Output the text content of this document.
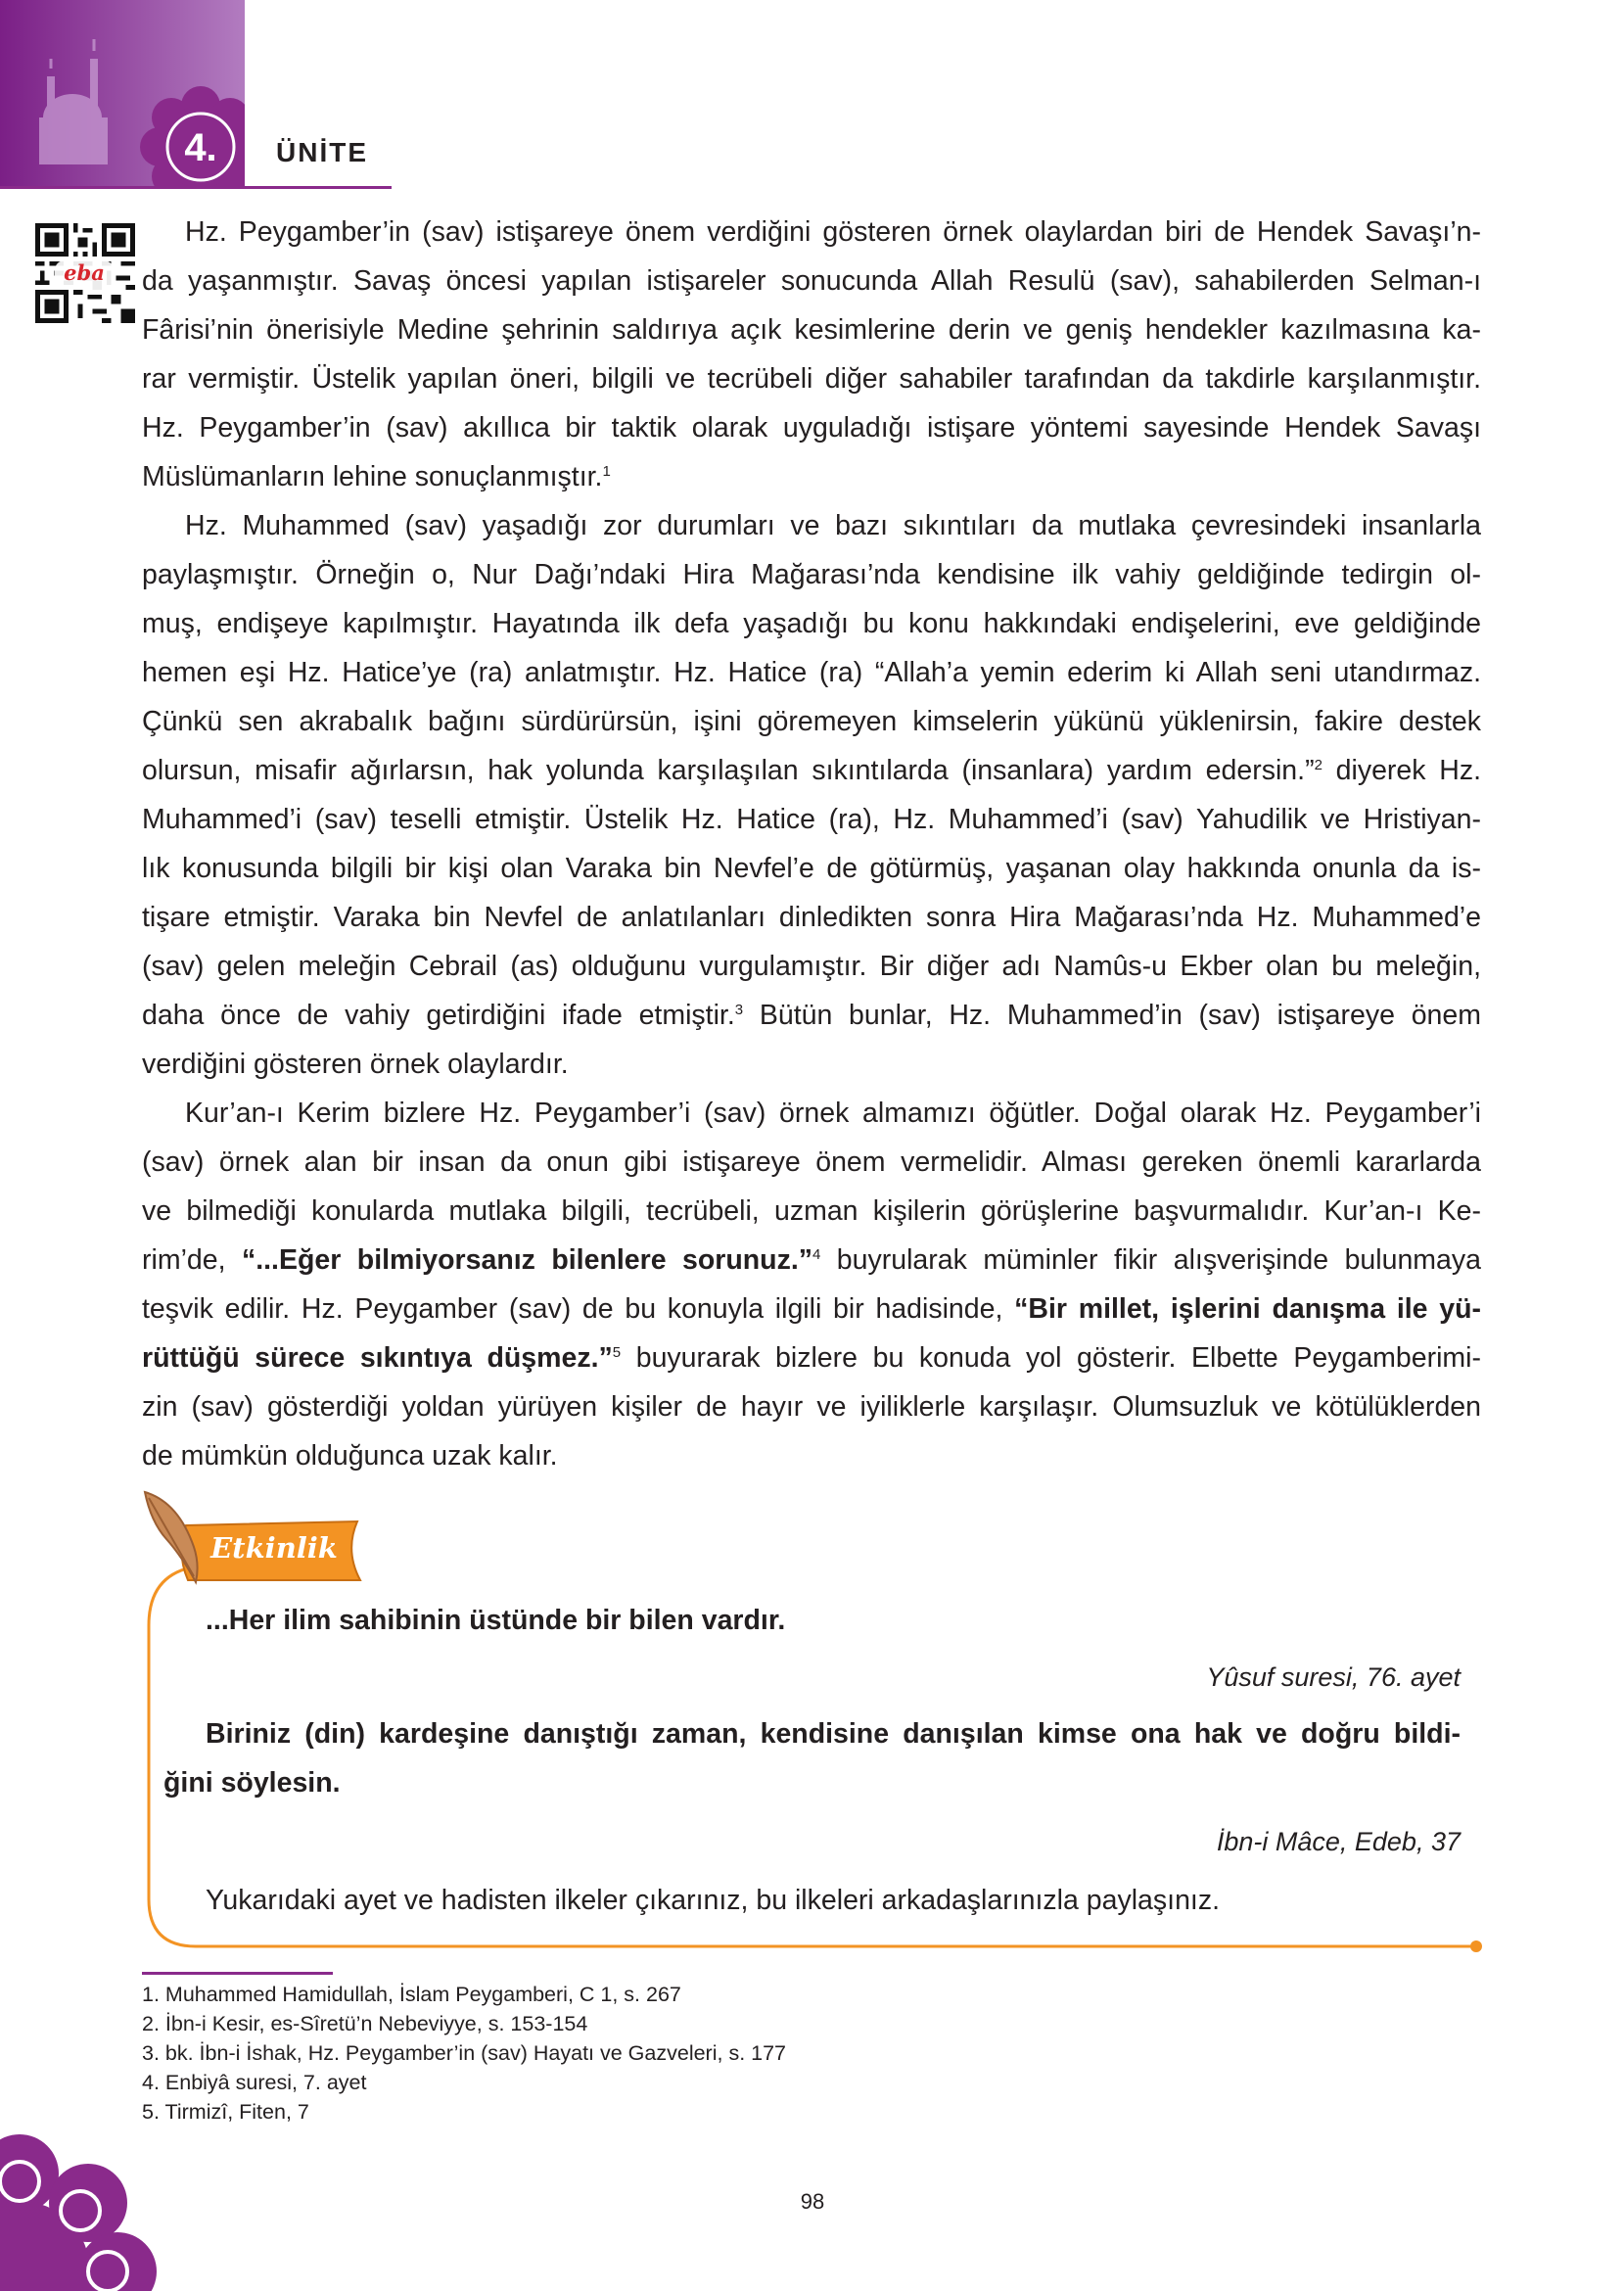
4.	ÜNİTE
eba
Hz. Peygamber’in (sav) istişareye önem verdiğini gösteren örnek olaylardan biri de Hendek Savaşı’n-
da yaşanmıştır. Savaş öncesi yapılan istişareler sonucunda Allah Resulü (sav), sahabilerden Selman-ı
Fârisi’nin önerisiyle Medine şehrinin saldırıya açık kesimlerine derin ve geniş hendekler kazılmasına ka-
rar vermiştir. Üstelik yapılan öneri, bilgili ve tecrübeli diğer sahabiler tarafından da takdirle karşılanmıştır.
Hz. Peygamber’in (sav) akıllıca bir taktik olarak uyguladığı istişare yöntemi sayesinde Hendek Savaşı
Müslümanların lehine sonuçlanmıştır.$^1$
Hz. Muhammed (sav) yaşadığı zor durumları ve bazı sıkıntıları da mutlaka çevresindeki insanlarla
paylaşmıştır. Örneğin o, Nur Dağı’ndaki Hira Mağarası’nda kendisine ilk vahiy geldiğinde tedirgin ol-
muş, endişeye kapılmıştır. Hayatında ilk defa yaşadığı bu konu hakkındaki endişelerini, eve geldiğinde
hemen eşi Hz. Hatice’ye (ra) anlatmıştır. Hz. Hatice (ra) “Allah’a yemin ederim ki Allah seni utandırmaz.
Çünkü sen akrabalık bağını sürdürürsün, işini göremeyen kimselerin yükünü yüklenirsin, fakire destek
olursun, misafir ağırlarsın, hak yolunda karşılaşılan sıkıntılarda (insanlara) yardım edersin.”$^2$ diyerek Hz.
Muhammed’i (sav) teselli etmiştir. Üstelik Hz. Hatice (ra), Hz. Muhammed’i (sav) Yahudilik ve Hristiyan-
lık konusunda bilgili bir kişi olan Varaka bin Nevfel’e de götürmüş, yaşanan olay hakkında onunla da is-
tişare etmiştir. Varaka bin Nevfel de anlatılanları dinledikten sonra Hira Mağarası’nda Hz. Muhammed’e
(sav) gelen meleğin Cebrail (as) olduğunu vurgulamıştır. Bir diğer adı Namûs-u Ekber olan bu meleğin,
daha önce de vahiy getirdiğini ifade etmiştir.$^3$ Bütün bunlar, Hz. Muhammed’in (sav) istişareye önem
verdiğini gösteren örnek olaylardır.
Kur’an-ı Kerim bizlere Hz. Peygamber’i (sav) örnek almamızı öğütler. Doğal olarak Hz. Peygamber’i
(sav) örnek alan bir insan da onun gibi istişareye önem vermelidir. Alması gereken önemli kararlarda
ve bilmediği konularda mutlaka bilgili, tecrübeli, uzman kişilerin görüşlerine başvurmalıdır. Kur’an-ı Ke-
rim’de, “...Eğer bilmiyorsanız bilenlere sorunuz.”$^4$ buyrularak müminler fikir alışverişinde bulunmaya
teşvik edilir. Hz. Peygamber (sav) de bu konuyla ilgili bir hadisinde, “Bir millet, işlerini danışma ile yü-
rüttüğü sürece sıkıntıya düşmez.”$^5$ buyurarak bizlere bu konuda yol gösterir. Elbette Peygamberimi-
zin (sav) gösterdiği yoldan yürüyen kişiler de hayır ve iyiliklerle karşılaşır. Olumsuzluk ve kötülüklerden
de mümkün olduğunca uzak kalır.
Etkinlik
...Her ilim sahibinin üstünde bir bilen vardır.
Yûsuf suresi, 76. ayet
Biriniz (din) kardeşine danıştığı zaman, kendisine danışılan kimse ona hak ve doğru bildi-
ğini söylesin.
İbn-i Mâce, Edeb, 37
Yukarıdaki ayet ve hadisten ilkeler çıkarınız, bu ilkeleri arkadaşlarınızla paylaşınız.
1. Muhammed Hamidullah, İslam Peygamberi, C 1, s. 267
2. İbn-i Kesir, es-Sîretü’n Nebeviyye, s. 153-154
3. bk. İbn-i İshak, Hz. Peygamber’in (sav) Hayatı ve Gazveleri, s. 177
4. Enbiyâ suresi, 7. ayet
5. Tirmizî, Fiten, 7
98
